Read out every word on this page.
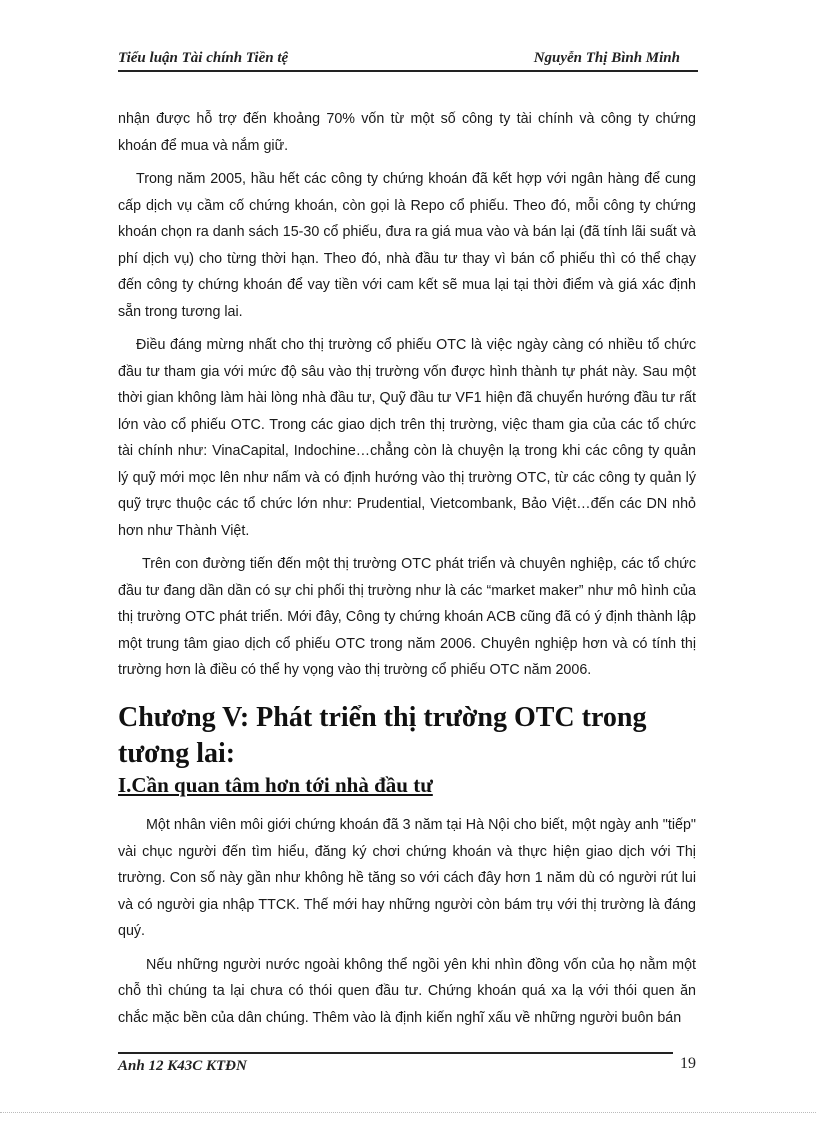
Tiểu luận Tài chính Tiền tệ	Nguyễn Thị Bình Minh

nhận được hỗ trợ đến khoảng 70% vốn từ một số công ty tài chính và công ty chứng khoán để mua và nắm giữ.

Trong năm 2005, hầu hết các công ty chứng khoán đã kết hợp với ngân hàng để cung cấp dịch vụ cầm cố chứng khoán, còn gọi là Repo cổ phiếu. Theo đó, mỗi công ty chứng khoán chọn ra danh sách 15-30 cổ phiếu, đưa ra giá mua vào và bán lại (đã tính lãi suất và phí dịch vụ) cho từng thời hạn. Theo đó, nhà đầu tư thay vì bán cổ phiếu thì có thể chạy đến công ty chứng khoán để vay tiền với cam kết sẽ mua lại tại thời điểm và giá xác định sẵn trong tương lai.

Điều đáng mừng nhất cho thị trường cổ phiếu OTC là việc ngày càng có nhiều tổ chức đầu tư tham gia với mức độ sâu vào thị trường vốn được hình thành tự phát này. Sau một thời gian không làm hài lòng nhà đầu tư, Quỹ đầu tư VF1 hiện đã chuyển hướng đầu tư rất lớn vào cổ phiếu OTC. Trong các giao dịch trên thị trường, việc tham gia của các tổ chức tài chính như: VinaCapital, Indochine…chẳng còn là chuyện lạ trong khi các công ty quản lý quỹ mới mọc lên như nấm và có định hướng vào thị trường OTC, từ các công ty quản lý quỹ trực thuộc các tổ chức lớn như: Prudential, Vietcombank, Bảo Việt…đến các DN nhỏ hơn như Thành Việt.

Trên con đường tiến đến một thị trường OTC phát triển và chuyên nghiệp, các tổ chức đầu tư đang dần dần có sự chi phối thị trường như là các “market maker” như mô hình của thị trường OTC phát triển. Mới đây, Công ty chứng khoán ACB cũng đã có ý định thành lập một trung tâm giao dịch cổ phiếu OTC trong năm 2006. Chuyên nghiệp hơn và có tính thị trường hơn là điều có thể hy vọng vào thị trường cổ phiếu OTC năm 2006.

Chương V: Phát triển thị trường OTC trong tương lai:
I.Cần quan tâm hơn tới nhà đầu tư

Một nhân viên môi giới chứng khoán đã 3 năm tại Hà Nội cho biết, một ngày anh "tiếp" vài chục người đến tìm hiểu, đăng ký chơi chứng khoán và thực hiện giao dịch với Thị trường. Con số này gần như không hề tăng so với cách đây hơn 1 năm dù có người rút lui và có người gia nhập TTCK. Thế mới hay những người còn bám trụ với thị trường là đáng quý.

Nếu những người nước ngoài không thể ngồi yên khi nhìn đồng vốn của họ nằm một chỗ thì chúng ta lại chưa có thói quen đầu tư. Chứng khoán quá xa lạ với thói quen ăn chắc mặc bền của dân chúng. Thêm vào là định kiến nghĩ xấu về những người buôn bán

Anh 12 K43C KTĐN	19
